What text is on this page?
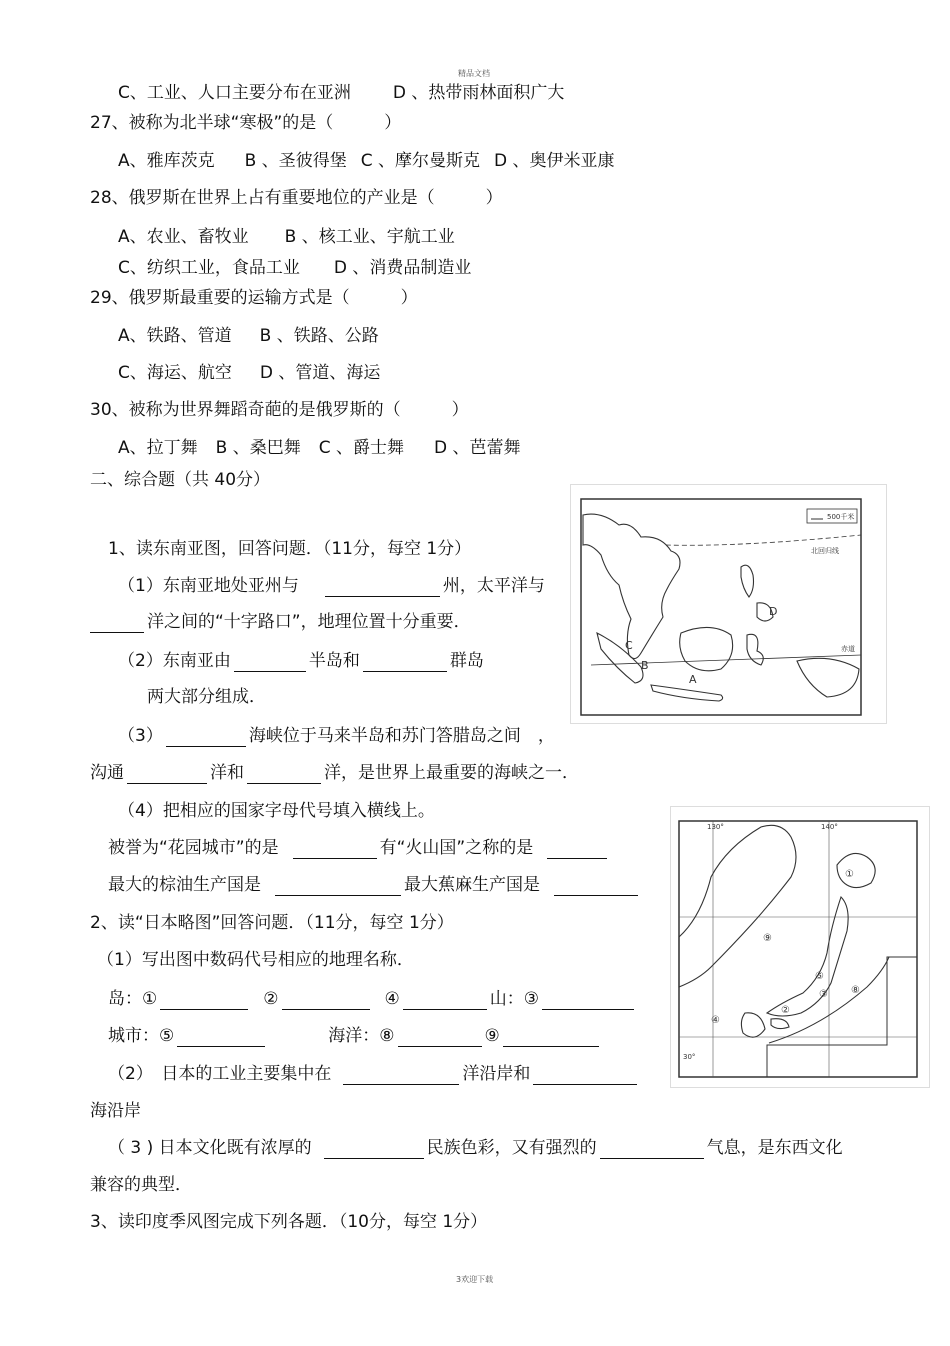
精品文档
C、工业、人口主要分布在亚洲 D 、热带雨林面积广大
27、被称为北半球“寒极”的是（　　　）
A、雅库茨克 B 、圣彼得堡 C 、摩尔曼斯克 D 、奥伊米亚康
28、俄罗斯在世界上占有重要地位的产业是（　　　）
A、农业、畜牧业 B 、核工业、宇航工业
C、纺织工业，食品工业 D 、消费品制造业
29、俄罗斯最重要的运输方式是（　　　）
A、铁路、管道 B 、铁路、公路
C、海运、航空 D 、管道、海运
30、被称为世界舞蹈奇葩的是俄罗斯的（　　　）
A、拉丁舞 B 、桑巴舞 C 、爵士舞 D 、芭蕾舞
二、综合题（共 40分）
500千米
北回归线
赤道
A
B
C
D
1、读东南亚图，回答问题．（11分，每空 1分）
（1）东南亚地处亚州与	州，太平洋与
洋之间的“十字路口”，地理位置十分重要．
（2）东南亚由	半岛和	群岛
两大部分组成．
（3）	海峡位于马来半岛和苏门答腊岛之间　，
沟通	洋和	洋，是世界上最重要的海峡之一．
（4）把相应的国家字母代号填入横线上。
被誉为“花园城市”的是	有“火山国”之称的是
最大的棕油生产国是	最大蕉麻生产国是
130°	140°
30°
①
⑨
⑤
③ ⑧
②
④
2、读“日本略图”回答问题．（11分，每空 1分）
（1）写出图中数码代号相应的地理名称．
岛：①	②	④	山：③
城市：⑤	海洋：⑧	⑨
（2）　日本的工业主要集中在	洋沿岸和
海沿岸
（ 3 ) 日本文化既有浓厚的	民族色彩，又有强烈的	气息，是东西文化
兼容的典型．
3、读印度季风图完成下列各题．（10分，每空 1分）
3欢迎下载
